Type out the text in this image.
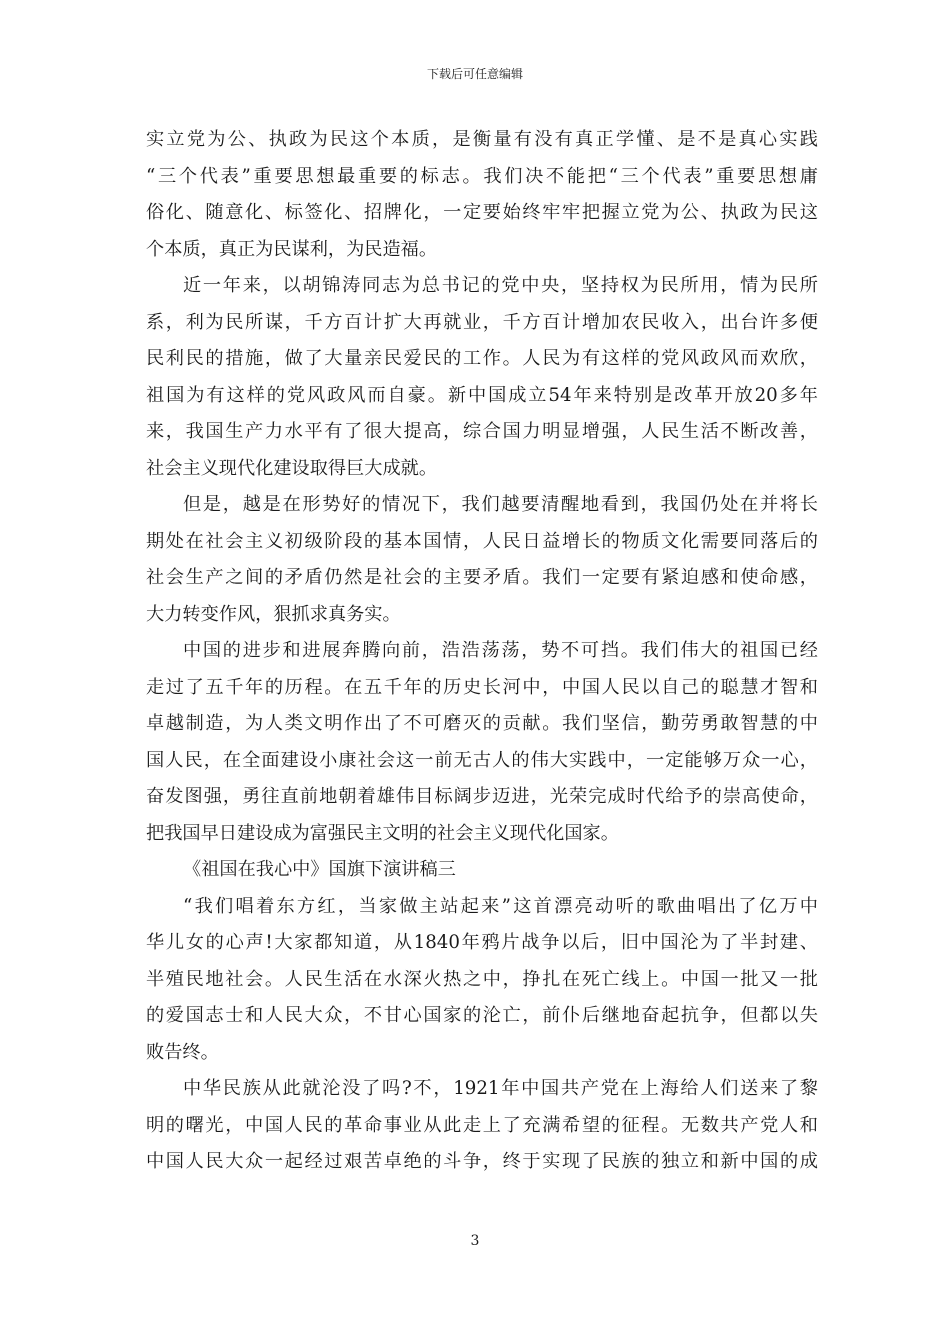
下载后可任意编辑

实立党为公、执政为民这个本质，是衡量有没有真正学懂、是不是真心实践

“三个代表”重要思想最重要的标志。我们决不能把“三个代表”重要思想庸

俗化、随意化、标签化、招牌化，一定要始终牢牢把握立党为公、执政为民这

个本质，真正为民谋利，为民造福。

近一年来，以胡锦涛同志为总书记的党中央，坚持权为民所用，情为民所

系，利为民所谋，千方百计扩大再就业，千方百计增加农民收入，出台许多便

民利民的措施，做了大量亲民爱民的工作。人民为有这样的党风政风而欢欣，

祖国为有这样的党风政风而自豪。新中国成立54年来特别是改革开放20多年

来，我国生产力水平有了很大提高，综合国力明显增强，人民生活不断改善，

社会主义现代化建设取得巨大成就。

但是，越是在形势好的情况下，我们越要清醒地看到，我国仍处在并将长

期处在社会主义初级阶段的基本国情，人民日益增长的物质文化需要同落后的

社会生产之间的矛盾仍然是社会的主要矛盾。我们一定要有紧迫感和使命感，

大力转变作风，狠抓求真务实。

中国的进步和进展奔腾向前，浩浩荡荡，势不可挡。我们伟大的祖国已经

走过了五千年的历程。在五千年的历史长河中，中国人民以自己的聪慧才智和

卓越制造，为人类文明作出了不可磨灭的贡献。我们坚信，勤劳勇敢智慧的中

国人民，在全面建设小康社会这一前无古人的伟大实践中，一定能够万众一心，

奋发图强，勇往直前地朝着雄伟目标阔步迈进，光荣完成时代给予的崇高使命，

把我国早日建设成为富强民主文明的社会主义现代化国家。

《祖国在我心中》国旗下演讲稿三

“我们唱着东方红，当家做主站起来”这首漂亮动听的歌曲唱出了亿万中

华儿女的心声!大家都知道，从1840年鸦片战争以后，旧中国沦为了半封建、

半殖民地社会。人民生活在水深火热之中，挣扎在死亡线上。中国一批又一批

的爱国志士和人民大众，不甘心国家的沦亡，前仆后继地奋起抗争，但都以失

败告终。

中华民族从此就沦没了吗?不，1921年中国共产党在上海给人们送来了黎

明的曙光，中国人民的革命事业从此走上了充满希望的征程。无数共产党人和

中国人民大众一起经过艰苦卓绝的斗争，终于实现了民族的独立和新中国的成

3
